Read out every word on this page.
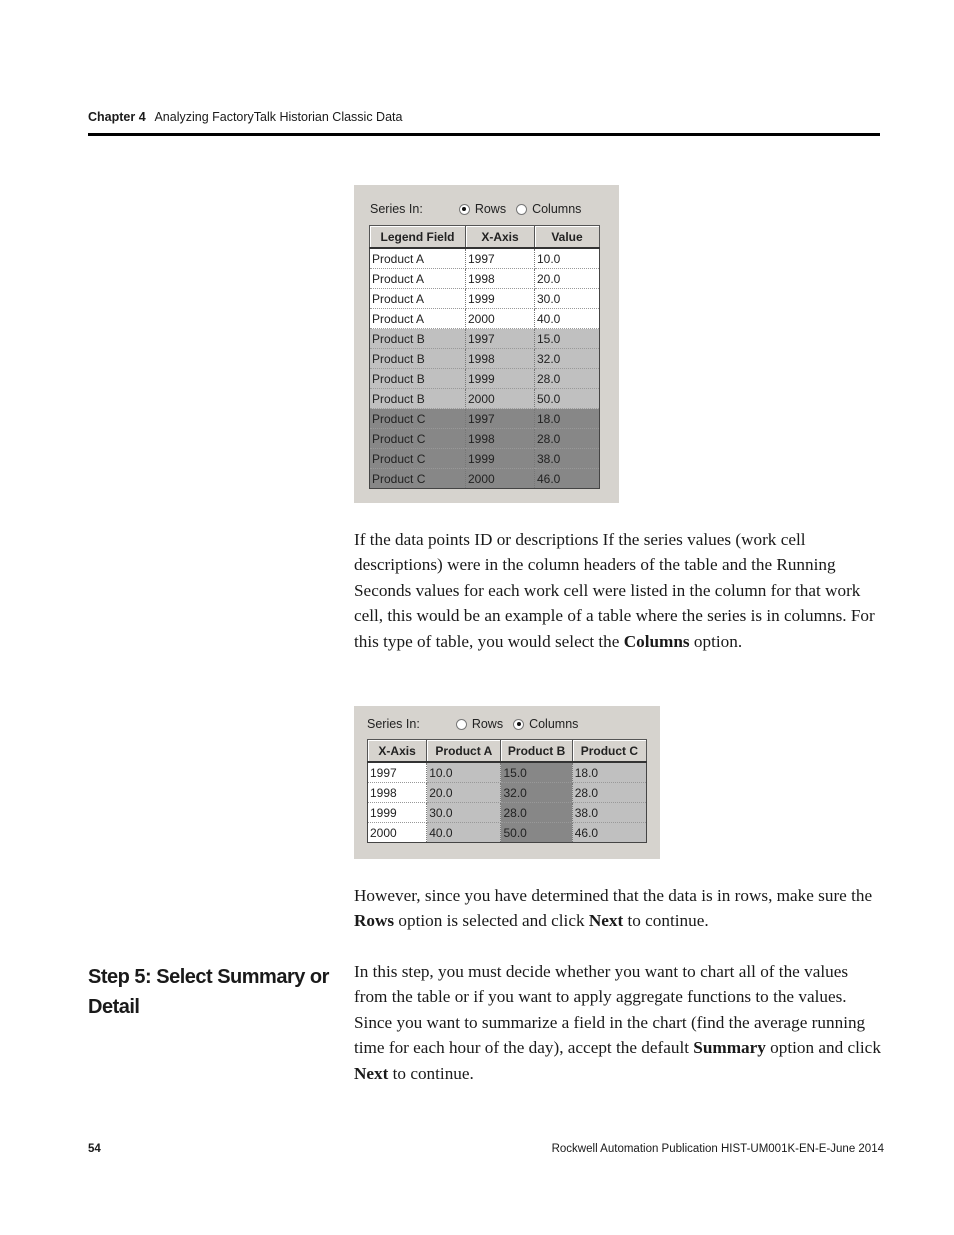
Chapter 4 Analyzing FactoryTalk Historian Classic Data
Series In:	Rows Columns
Legend Field	X-Axis	Value
Product A	1997	10.0
Product A	1998	20.0
Product A	1999	30.0
Product A	2000	40.0
Product B	1997	15.0
Product B	1998	32.0
Product B	1999	28.0
Product B	2000	50.0
Product C	1997	18.0
Product C	1998	28.0
Product C	1999	38.0
Product C	2000	46.0

If the data points ID or descriptions If the series values (work cell descriptions) were in the column headers of the table and the Running Seconds values for each work cell were listed in the column for that work cell, this would be an example of a table where the series is in columns. For this type of table, you would select the Columns option.

Series In:	Rows Columns
X-Axis	Product A	Product B	Product C
1997	10.0	15.0	18.0
1998	20.0	32.0	28.0
1999	30.0	28.0	38.0
2000	40.0	50.0	46.0

However, since you have determined that the data is in rows, make sure the Rows option is selected and click Next to continue.

Step 5: Select Summary or Detail

In this step, you must decide whether you want to chart all of the values from the table or if you want to apply aggregate functions to the values. Since you want to summarize a field in the chart (find the average running time for each hour of the day), accept the default Summary option and click Next to continue.

54	Rockwell Automation Publication HIST-UM001K-EN-E-June 2014
